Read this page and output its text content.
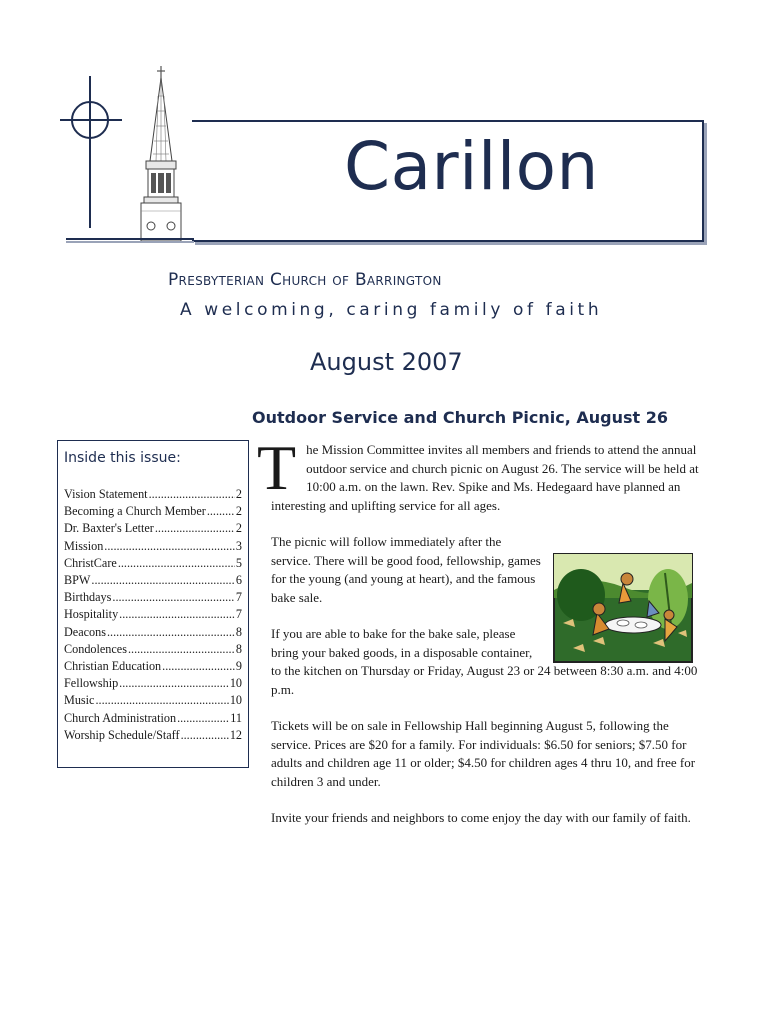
Carillon
Presbyterian Church of Barrington
A welcoming, caring family of faith
August 2007
Inside this issue:
Vision Statement .....	2
Becoming a Church Member ..... 2
Dr. Baxter's Letter .....	2
Mission .....	3
ChristCare .....	5
BPW .....	6
Birthdays .....	7
Hospitality .....	7
Deacons .....	8
Condolences .....	8
Christian Education .....	9
Fellowship .....	10
Music .....	10
Church Administration .....	11
Worship Schedule/Staff .....	12
Outdoor Service and Church Picnic, August 26

The Mission Committee invites all members and friends to attend the annual outdoor service and church picnic on August 26. The service will be held at 10:00 a.m. on the lawn. Rev. Spike and Ms. Hedegaard have planned an interesting and uplifting service for all ages.

The picnic will follow immediately after the service. There will be good food, fellowship, games for the young (and young at heart), and the famous bake sale.

If you are able to bake for the bake sale, please bring your baked goods, in a disposable container,
to the kitchen on Thursday or Friday, August 23 or 24 between 8:30 a.m. and 4:00 p.m.

Tickets will be on sale in Fellowship Hall beginning August 5, following the service. Prices are $20 for a family. For individuals: $6.50 for seniors; $7.50 for adults and children age 11 or older; $4.50 for children ages 4 thru 10, and free for children 3 and under.

Invite your friends and neighbors to come enjoy the day with our family of faith.
